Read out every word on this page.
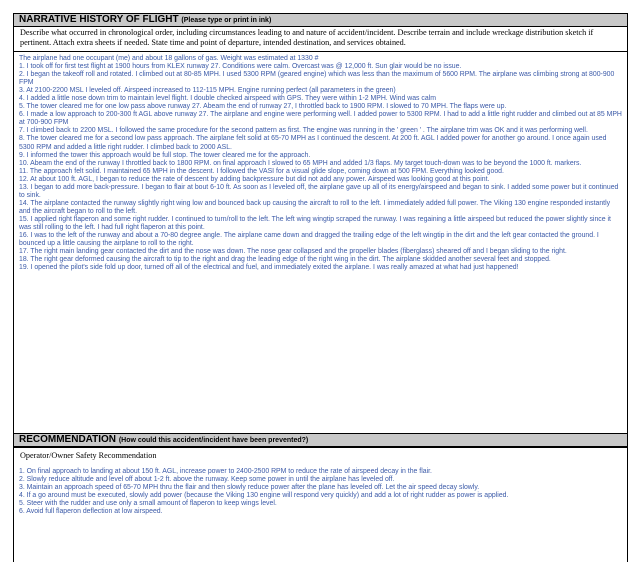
NARRATIVE HISTORY OF FLIGHT (Please type or print in ink)
Describe what occurred in chronological order, including circumstances leading to and nature of accident/incident. Describe terrain and include wreckage distribution sketch if pertinent. Attach extra sheets if needed. State time and point of departure, intended destination, and services obtained.

The airplane had one occupant (me) and about 18 gallons of gas. Weight was estimated at 1330 #

1. I took off for first test flight at 1900 hours from KLEX runway 27. Conditions were calm. Overcast was @ 12,000 ft. Sun glair would be no issue.

2. I began the takeoff roll and rotated. I climbed out at 80-85 MPH. I used 5300 RPM (geared engine) which was less than the maximum of 5600 RPM. The airplane was climbing strong at 800-900 FPM

3. At 2100-2200 MSL I leveled off. Airspeed increased to 112-115 MPH. Engine running perfect (all parameters in the green)

4. I added a little nose down trim to maintain level flight. I double checked airspeed with GPS. They were within 1-2 MPH. Wind was calm

5. The tower cleared me for one low pass above runway 27. Abeam the end of runway 27, I throttled back to 1900 RPM. I slowed to 70 MPH. The flaps were up.

6. I made a low approach to 200-300 ft AGL above runway 27. The airplane and engine were performing well. I added power to 5300 RPM. I had to add a little right rudder and climbed out at 85 MPH at 700-900 FPM

7. I climbed back to 2200 MSL. I followed the same procedure for the second pattern as first. The engine was running in the ' green ' . The airplane trim was OK and it was performing well.

8. The tower cleared me for a second low pass approach. The airplane felt solid at 65-70 MPH as I continued the descent. At 200 ft. AGL I added power for another go around. I once again used 5300 RPM and added a little right rudder. I climbed back to 2000 ASL.

9. I informed the tower this approach would be full stop. The tower cleared me for the approach.

10. Abeam the end of the runway I throttled back to 1800 RPM. on final approach I slowed to 65 MPH and added 1/3 flaps. My target touch-down was to be beyond the 1000 ft. markers.

11. The approach felt solid. I maintained 65 MPH in the descent. I followed the VASI for a visual glide slope, coming down at 500 FPM. Everything looked good.

12. At about 100 ft. AGL, I began to reduce the rate of descent by adding backpressure but did not add any power. Airspeed was looking good at this point.

13. I began to add more back-pressure. I began to flair at bout 6-10 ft. As soon as I leveled off, the airplane gave up all of its energy/airspeed and began to sink. I added some power but it continued to sink.

14. The airplane contacted the runway slightly right wing low and bounced back up causing the aircraft to roll to the left. I immediately added full power. The Viking 130 engine responded instantly and the aircraft began to roll to the left.

15. I applied right flaperon and some right rudder. I continued to turn/roll to the left. The left wing wingtip scraped the runway. I was regaining a little airspeed but reduced the power slightly since it was still rolling to the left. I had full right flaperon at this point.

16. I was to the left of the runway and about a 70-80 degree angle. The airplane came down and dragged the trailing edge of the left wingtip in the dirt and the left gear contacted the ground. I bounced up a little causing the airplane to roll to the right.

17. The right main landing gear contacted the dirt and the nose was down. The nose gear collapsed and the propeller blades (fiberglass) sheared off and I began sliding to the right.

18. The right gear deformed causing the aircraft to tip to the right and drag the leading edge of the right wing in the dirt. The airplane skidded another several feet and stopped.

19. I opened the pilot's side fold up door, turned off all of the electrical and fuel, and immediately exited the airplane. I was really amazed at what had just happened!

RECOMMENDATION (How could this accident/incident have been prevented?)
Operator/Owner Safety Recommendation

1. On final approach to landing at about 150 ft. AGL, increase power to 2400-2500 RPM to reduce the rate of airspeed decay in the flair.

2. Slowly reduce altitude and level off about 1-2 ft. above the runway. Keep some power in until the airplane has leveled off.

3. Maintain an approach speed of 65-70 MPH thru the flair and then slowly reduce power after the plane has leveled off. Let the air speed decay slowly.

4. If a go around must be executed, slowly add power (because the Viking 130 engine will respond very quickly) and add a lot of right rudder as power is applied.

5. Steer with the rudder and use only a small amount of flaperon to keep wings level.

6. Avoid full flaperon deflection at low airspeed.
